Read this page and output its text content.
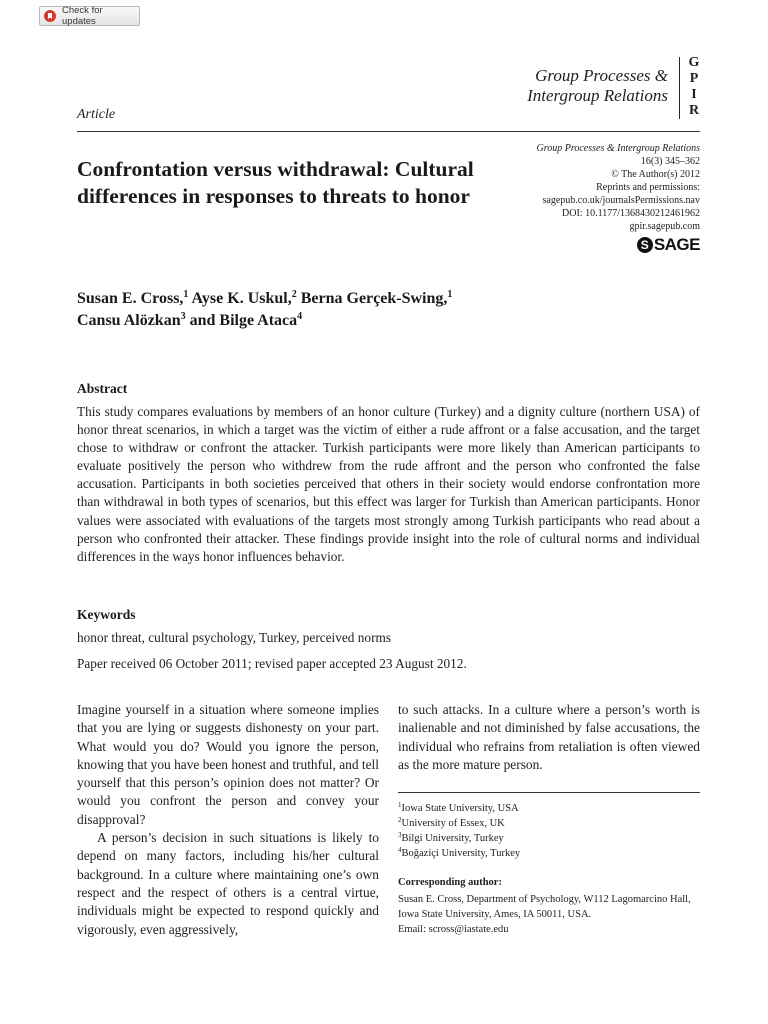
Check for updates
Group Processes &
Intergroup Relations
G
P
I
R
Article
Group Processes & Intergroup Relations
16(3) 345–362
© The Author(s) 2012
Reprints and permissions:
sagepub.co.uk/journalsPermissions.nav
DOI: 10.1177/1368430212461962
gpir.sagepub.com
S SAGE
Confrontation versus withdrawal: Cultural differences in responses to threats to honor
Susan E. Cross,$^1$ Ayse K. Uskul,$^2$ Berna Gerçek-Swing,$^1$
Cansu Alözkan$^3$ and Bilge Ataca$^4$
Abstract
This study compares evaluations by members of an honor culture (Turkey) and a dignity culture (northern USA) of honor threat scenarios, in which a target was the victim of either a rude affront or a false accusation, and the target chose to withdraw or confront the attacker. Turkish participants were more likely than American participants to evaluate positively the person who withdrew from the rude affront and the person who confronted the false accusation. Participants in both societies perceived that others in their society would endorse confrontation more than withdrawal in both types of scenarios, but this effect was larger for Turkish than American participants. Honor values were associated with evaluations of the targets most strongly among Turkish participants who read about a person who confronted their attacker. These findings provide insight into the role of cultural norms and individual differences in the ways honor influences behavior.
Keywords
honor threat, cultural psychology, Turkey, perceived norms
Paper received 06 October 2011; revised paper accepted 23 August 2012.

Imagine yourself in a situation where someone implies that you are lying or suggests dishonesty on your part. What would you do? Would you ignore the person, knowing that you have been honest and truthful, and tell yourself that this person’s opinion does not matter? Or would you confront the person and convey your disapproval?

A person’s decision in such situations is likely to depend on many factors, including his/her cultural background. In a culture where maintaining one’s own respect and the respect of others is a central virtue, individuals might be expected to respond quickly and vigorously, even aggressively,

to such attacks. In a culture where a person’s worth is inalienable and not diminished by false accusations, the individual who refrains from retaliation is often viewed as the more mature person.

$^1$Iowa State University, USA
$^2$University of Essex, UK
$^3$Bilgi University, Turkey
$^4$Boğaziçi University, Turkey
Corresponding author:
Susan E. Cross, Department of Psychology, W112 Lagomarcino Hall, Iowa State University, Ames, IA 50011, USA.
Email: scross@iastate.edu
